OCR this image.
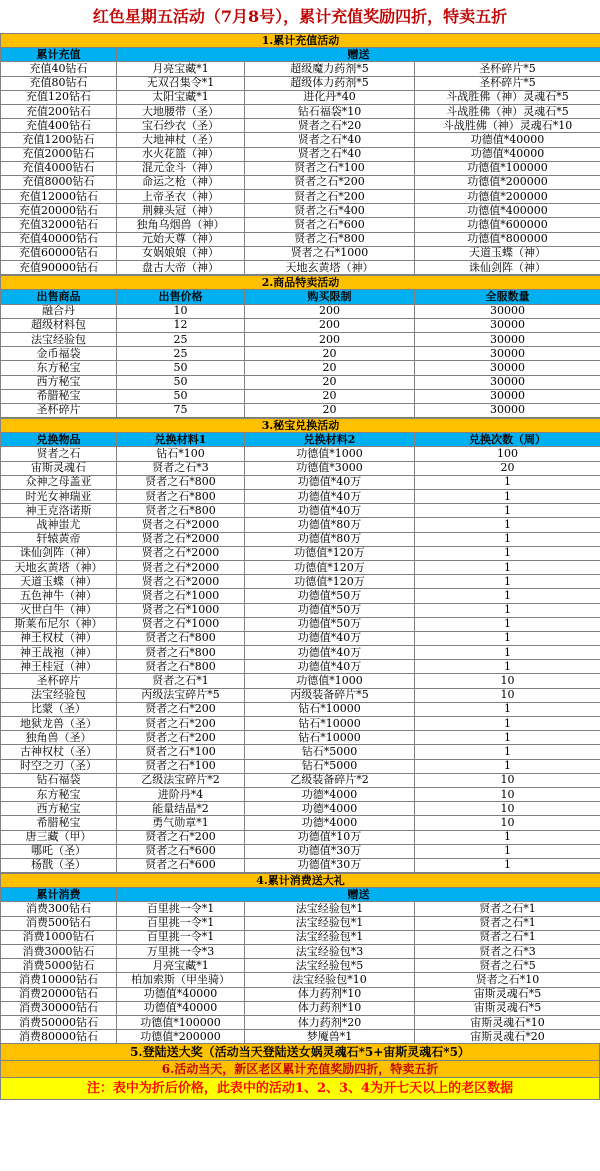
红色星期五活动（7月8号），累计充值奖励四折，特卖五折
1.累计充值活动			
累计充值	赠送		
充值40钻石	月亮宝藏*1	超级魔力药剂*5	圣杯碎片*5
充值80钻石	无双召集令*1	超级体力药剂*5	圣杯碎片*5
充值120钻石	太阳宝藏*1	进化丹*40	斗战胜佛（神）灵魂石*5
充值200钻石	大地腰带（圣）	钻石福袋*10	斗战胜佛（神）灵魂石*5
充值400钻石	宝石纱衣（圣）	贤者之石*20	斗战胜佛（神）灵魂石*10
充值1200钻石	大地神杖（圣）	贤者之石*40	功德值*40000
充值2000钻石	水火花篮（神）	贤者之石*40	功德值*40000
充值4000钻石	混元金斗（神）	贤者之石*100	功德值*100000
充值8000钻石	命运之枪（神）	贤者之石*200	功德值*200000
充值12000钻石	上帝圣衣（神）	贤者之石*200	功德值*200000
充值20000钻石	荆棘头冠（神）	贤者之石*400	功德值*400000
充值32000钻石	独角乌烟兽（神）	贤者之石*600	功德值*600000
充值40000钻石	元始天尊（神）	贤者之石*800	功德值*800000
充值60000钻石	女娲娘娘（神）	贤者之石*1000	天道玉蝶（神）
充值90000钻石	盘古大帝（神）	天地玄黄塔（神）	诛仙剑阵（神）
2.商品特卖活动			
出售商品	出售价格	购买限制	全服数量
融合丹	10	200	30000
超级材料包	12	200	30000
法宝经验包	25	200	30000
金币福袋	25	20	30000
东方秘宝	50	20	30000
西方秘宝	50	20	30000
希腊秘宝	50	20	30000
圣杯碎片	75	20	30000
3.秘宝兑换活动			
兑换物品	兑换材料1	兑换材料2	兑换次数（周）
贤者之石	钻石*100	功德值*1000	100
宙斯灵魂石	贤者之石*3	功德值*3000	20
众神之母盖亚	贤者之石*800	功德值*40万	1
时光女神瑞亚	贤者之石*800	功德值*40万	1
神王克洛诺斯	贤者之石*800	功德值*40万	1
战神蚩尤	贤者之石*2000	功德值*80万	1
轩辕黄帝	贤者之石*2000	功德值*80万	1
诛仙剑阵（神）	贤者之石*2000	功德值*120万	1
天地玄黄塔（神）	贤者之石*2000	功德值*120万	1
天道玉蝶（神）	贤者之石*2000	功德值*120万	1
五色神牛（神）	贤者之石*1000	功德值*50万	1
灭世白牛（神）	贤者之石*1000	功德值*50万	1
斯莱布尼尔（神）	贤者之石*1000	功德值*50万	1
神王权杖（神）	贤者之石*800	功德值*40万	1
神王战袍（神）	贤者之石*800	功德值*40万	1
神王桂冠（神）	贤者之石*800	功德值*40万	1
圣杯碎片	贤者之石*1	功德值*1000	10
法宝经验包	丙级法宝碎片*5	丙级装备碎片*5	10
比蒙（圣）	贤者之石*200	钻石*10000	1
地狱龙兽（圣）	贤者之石*200	钻石*10000	1
独角兽（圣）	贤者之石*200	钻石*10000	1
古神权杖（圣）	贤者之石*100	钻石*5000	1
时空之刃（圣）	贤者之石*100	钻石*5000	1
钻石福袋	乙级法宝碎片*2	乙级装备碎片*2	10
东方秘宝	进阶丹*4	功德*4000	10
西方秘宝	能量结晶*2	功德*4000	10
希腊秘宝	勇气勋章*1	功德*4000	10
唐三藏（甲）	贤者之石*200	功德值*10万	1
哪吒（圣）	贤者之石*600	功德值*30万	1
杨戬（圣）	贤者之石*600	功德值*30万	1
4.累计消费送大礼			
累计消费	赠送		
消费300钻石	百里挑一令*1	法宝经验包*1	贤者之石*1
消费500钻石	百里挑一令*1	法宝经验包*1	贤者之石*1
消费1000钻石	百里挑一令*1	法宝经验包*1	贤者之石*1
消费3000钻石	万里挑一令*3	法宝经验包*3	贤者之石*3
消费5000钻石	月亮宝藏*1	法宝经验包*5	贤者之石*5
消费10000钻石	柏加索斯（甲坐骑）	法宝经验包*10	贤者之石*10
消费20000钻石	功德值*40000	体力药剂*10	宙斯灵魂石*5
消费30000钻石	功德值*40000	体力药剂*10	宙斯灵魂石*5
消费50000钻石	功德值*100000	体力药剂*20	宙斯灵魂石*10
消费80000钻石	功德值*200000	梦魇兽*1	宙斯灵魂石*20
5.登陆送大奖（活动当天登陆送女娲灵魂石*5+宙斯灵魂石*5）
6.活动当天，新区老区累计充值奖励四折，特卖五折
注：表中为折后价格，此表中的活动1、2、3、4为开七天以上的老区数据
